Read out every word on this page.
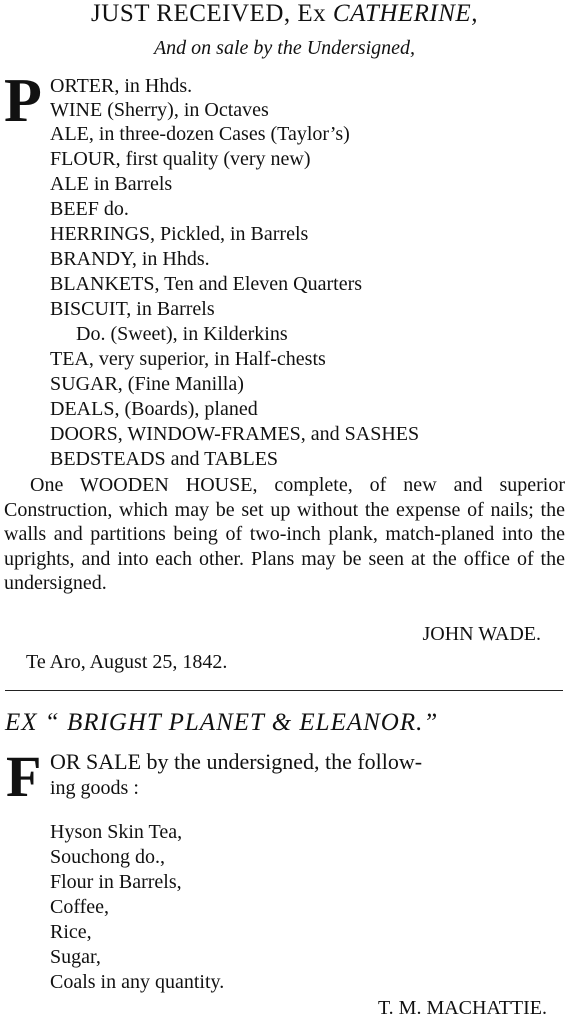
JUST RECEIVED, Ex CATHERINE,
And on sale by the Undersigned,
P ORTER, in Hhds.
WINE (Sherry), in Octaves
ALE, in three-dozen Cases (Taylor’s)
FLOUR, first quality (very new)
ALE in Barrels
BEEF do.
HERRINGS, Pickled, in Barrels
BRANDY, in Hhds.
BLANKETS, Ten and Eleven Quarters
BISCUIT, in Barrels
Do. (Sweet), in Kilderkins
TEA, very superior, in Half-chests
SUGAR, (Fine Manilla)
DEALS, (Boards), planed
DOORS, WINDOW-FRAMES, and SASHES
BEDSTEADS and TABLES
One WOODEN HOUSE, complete, of new and superior Construction, which may be set up without the expense of nails; the walls and partitions being of two-inch plank, match-planed into the uprights, and into each other. Plans may be seen at the office of the undersigned.
JOHN WADE.
Te Aro, August 25, 1842.
EX “ BRIGHT PLANET & ELEANOR.”
F OR SALE by the undersigned, the follow-
ing goods :
Hyson Skin Tea,
Souchong do.,
Flour in Barrels,
Coffee,
Rice,
Sugar,
Coals in any quantity.
T. M. MACHATTIE.
